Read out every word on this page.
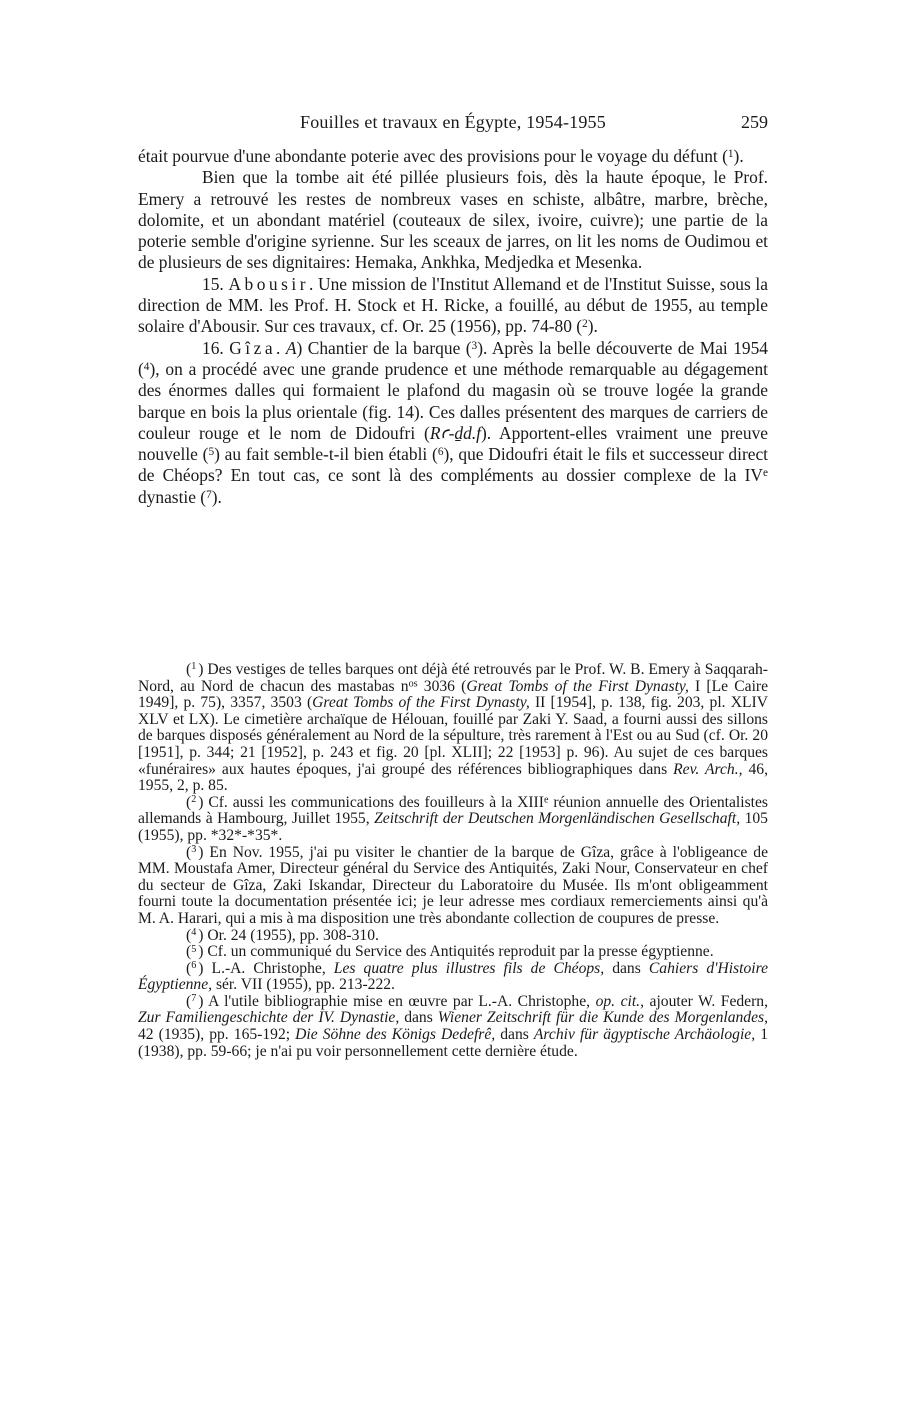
Fouilles et travaux en Égypte, 1954-1955	259

était pourvue d'une abondante poterie avec des provisions pour le voyage du défunt ($^1$).

Bien que la tombe ait été pillée plusieurs fois, dès la haute époque, le Prof. Emery a retrouvé les restes de nombreux vases en schiste, albâtre, marbre, brèche, dolomite, et un abondant matériel (couteaux de silex, ivoire, cuivre); une partie de la poterie semble d'origine syrienne. Sur les sceaux de jarres, on lit les noms de Oudimou et de plusieurs de ses dignitaires: Hemaka, Ankhka, Medjedka et Mesenka.

15. Abousir. Une mission de l'Institut Allemand et de l'Institut Suisse, sous la direction de MM. les Prof. H. Stock et H. Ricke, a fouillé, au début de 1955, au temple solaire d'Abousir. Sur ces travaux, cf. Or. 25 (1956), pp. 74-80 ($^2$).

16. Gîza. A) Chantier de la barque ($^3$). Après la belle découverte de Mai 1954 ($^4$), on a procédé avec une grande prudence et une méthode remarquable au dégagement des énormes dalles qui formaient le plafond du magasin où se trouve logée la grande barque en bois la plus orientale (fig. 14). Ces dalles présentent des marques de carriers de couleur rouge et le nom de Didoufri (Rꜥ-ḏd.f). Apportent-elles vraiment une preuve nouvelle ($^5$) au fait semble-t-il bien établi ($^6$), que Didoufri était le fils et successeur direct de Chéops? En tout cas, ce sont là des compléments au dossier complexe de la IVe dynastie ($^7$).

($^1$ ) Des vestiges de telles barques ont déjà été retrouvés par le Prof. W. B. Emery à Saqqarah-Nord, au Nord de chacun des mastabas $n^{os}$ 3036 (Great Tombs of the First Dynasty, I [Le Caire 1949], p. 75), 3357, 3503 (Great Tombs of the First Dynasty, II [1954], p. 138, fig. 203, pl. XLIV XLV et LX). Le cimetière archaïque de Hélouan, fouillé par Zaki Y. Saad, a fourni aussi des sillons de barques disposés généralement au Nord de la sépulture, très rarement à l'Est ou au Sud (cf. Or. 20 [1951], p. 344; 21 [1952], p. 243 et fig. 20 [pl. XLII]; 22 [1953] p. 96). Au sujet de ces barques «funéraires» aux hautes époques, j'ai groupé des références bibliographiques dans Rev. Arch., 46, 1955, 2, p. 85.

($^2$ ) Cf. aussi les communications des fouilleurs à la XIIIe réunion annuelle des Orientalistes allemands à Hambourg, Juillet 1955, Zeitschrift der Deutschen Morgenländischen Gesellschaft, 105 (1955), pp. *32*-*35*.

($^3$ ) En Nov. 1955, j'ai pu visiter le chantier de la barque de Gîza, grâce à l'obligeance de MM. Moustafa Amer, Directeur général du Service des Antiquités, Zaki Nour, Conservateur en chef du secteur de Gîza, Zaki Iskandar, Directeur du Laboratoire du Musée. Ils m'ont obligeamment fourni toute la documentation présentée ici; je leur adresse mes cordiaux remerciements ainsi qu'à M. A. Harari, qui a mis à ma disposition une très abondante collection de coupures de presse.

($^4$ ) Or. 24 (1955), pp. 308-310.

($^5$ ) Cf. un communiqué du Service des Antiquités reproduit par la presse égyptienne.

($^6$ ) L.-A. Christophe, Les quatre plus illustres fils de Chéops, dans Cahiers d'Histoire Égyptienne, sér. VII (1955), pp. 213-222.

($^7$ ) A l'utile bibliographie mise en œuvre par L.-A. Christophe, op. cit., ajouter W. Federn, Zur Familiengeschichte der IV. Dynastie, dans Wiener Zeitschrift für die Kunde des Morgenlandes, 42 (1935), pp. 165-192; Die Söhne des Königs Dedefrê, dans Archiv für ägyptische Archäologie, 1 (1938), pp. 59-66; je n'ai pu voir personnellement cette dernière étude.
